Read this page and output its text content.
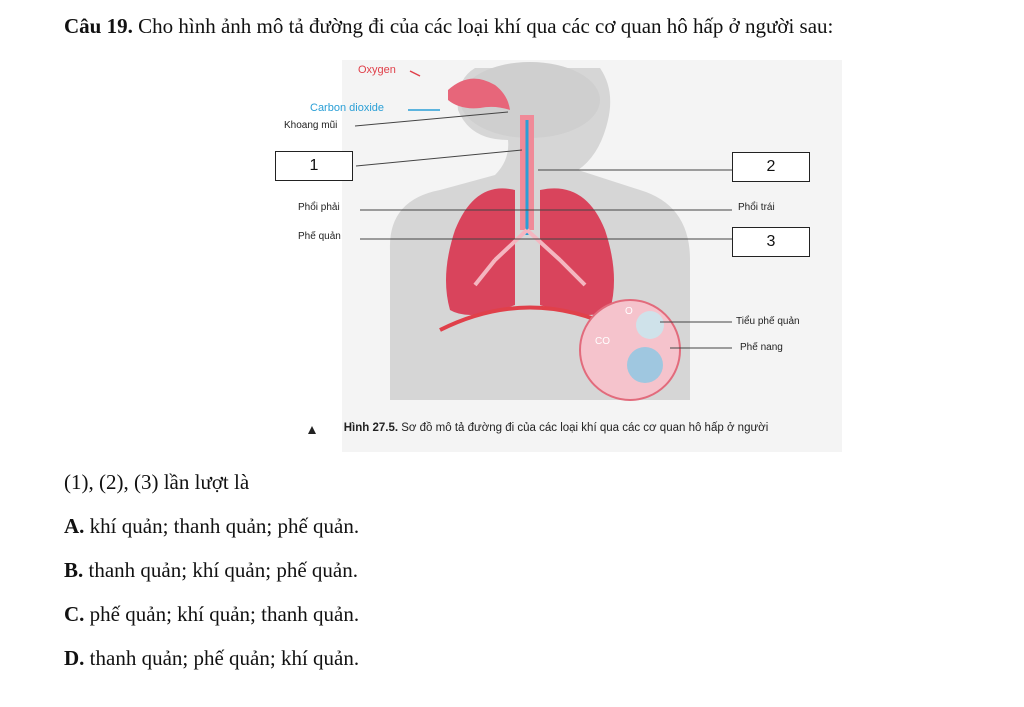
Câu 19. Cho hình ảnh mô tả đường đi của các loại khí qua các cơ quan hô hấp ở người sau:
Oxygen
Carbon dioxide
Khoang mũi
Phổi phải
Phế quản
Phổi trái
Tiểu phế quản
Phế nang
O
CO
1	2
3
Hình 27.5. Sơ đồ mô tả đường đi của các loại khí qua các cơ quan hô hấp ở người
(1), (2), (3) lần lượt là
A. khí quản; thanh quản; phế quản.
B. thanh quản; khí quản; phế quản.
C. phế quản; khí quản; thanh quản.
D. thanh quản; phế quản; khí quản.
